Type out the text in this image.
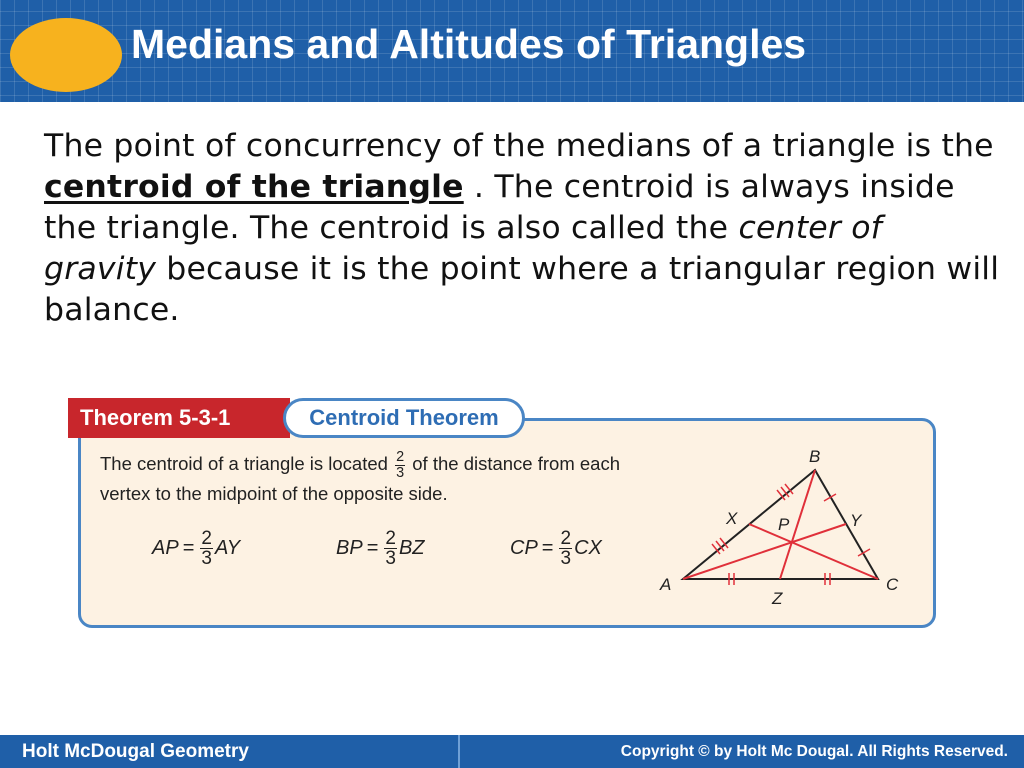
Medians and Altitudes of Triangles

The point of concurrency of the medians of a triangle is the centroid of the triangle . The centroid is always inside the triangle. The centroid is also called the center of gravity because it is the point where a triangular region will balance.

Theorem 5-3-1	Centroid Theorem

The centroid of a triangle is located $\frac{2}{3}$ of the distance from each vertex to the midpoint of the opposite side.

AP = $\frac{2}{3}$ AY	BP = $\frac{2}{3}$ BZ	CP = $\frac{2}{3}$ CX

A
B
C
X	Y
Z
P

Holt McDougal Geometry	Copyright © by Holt Mc Dougal. All Rights Reserved.
